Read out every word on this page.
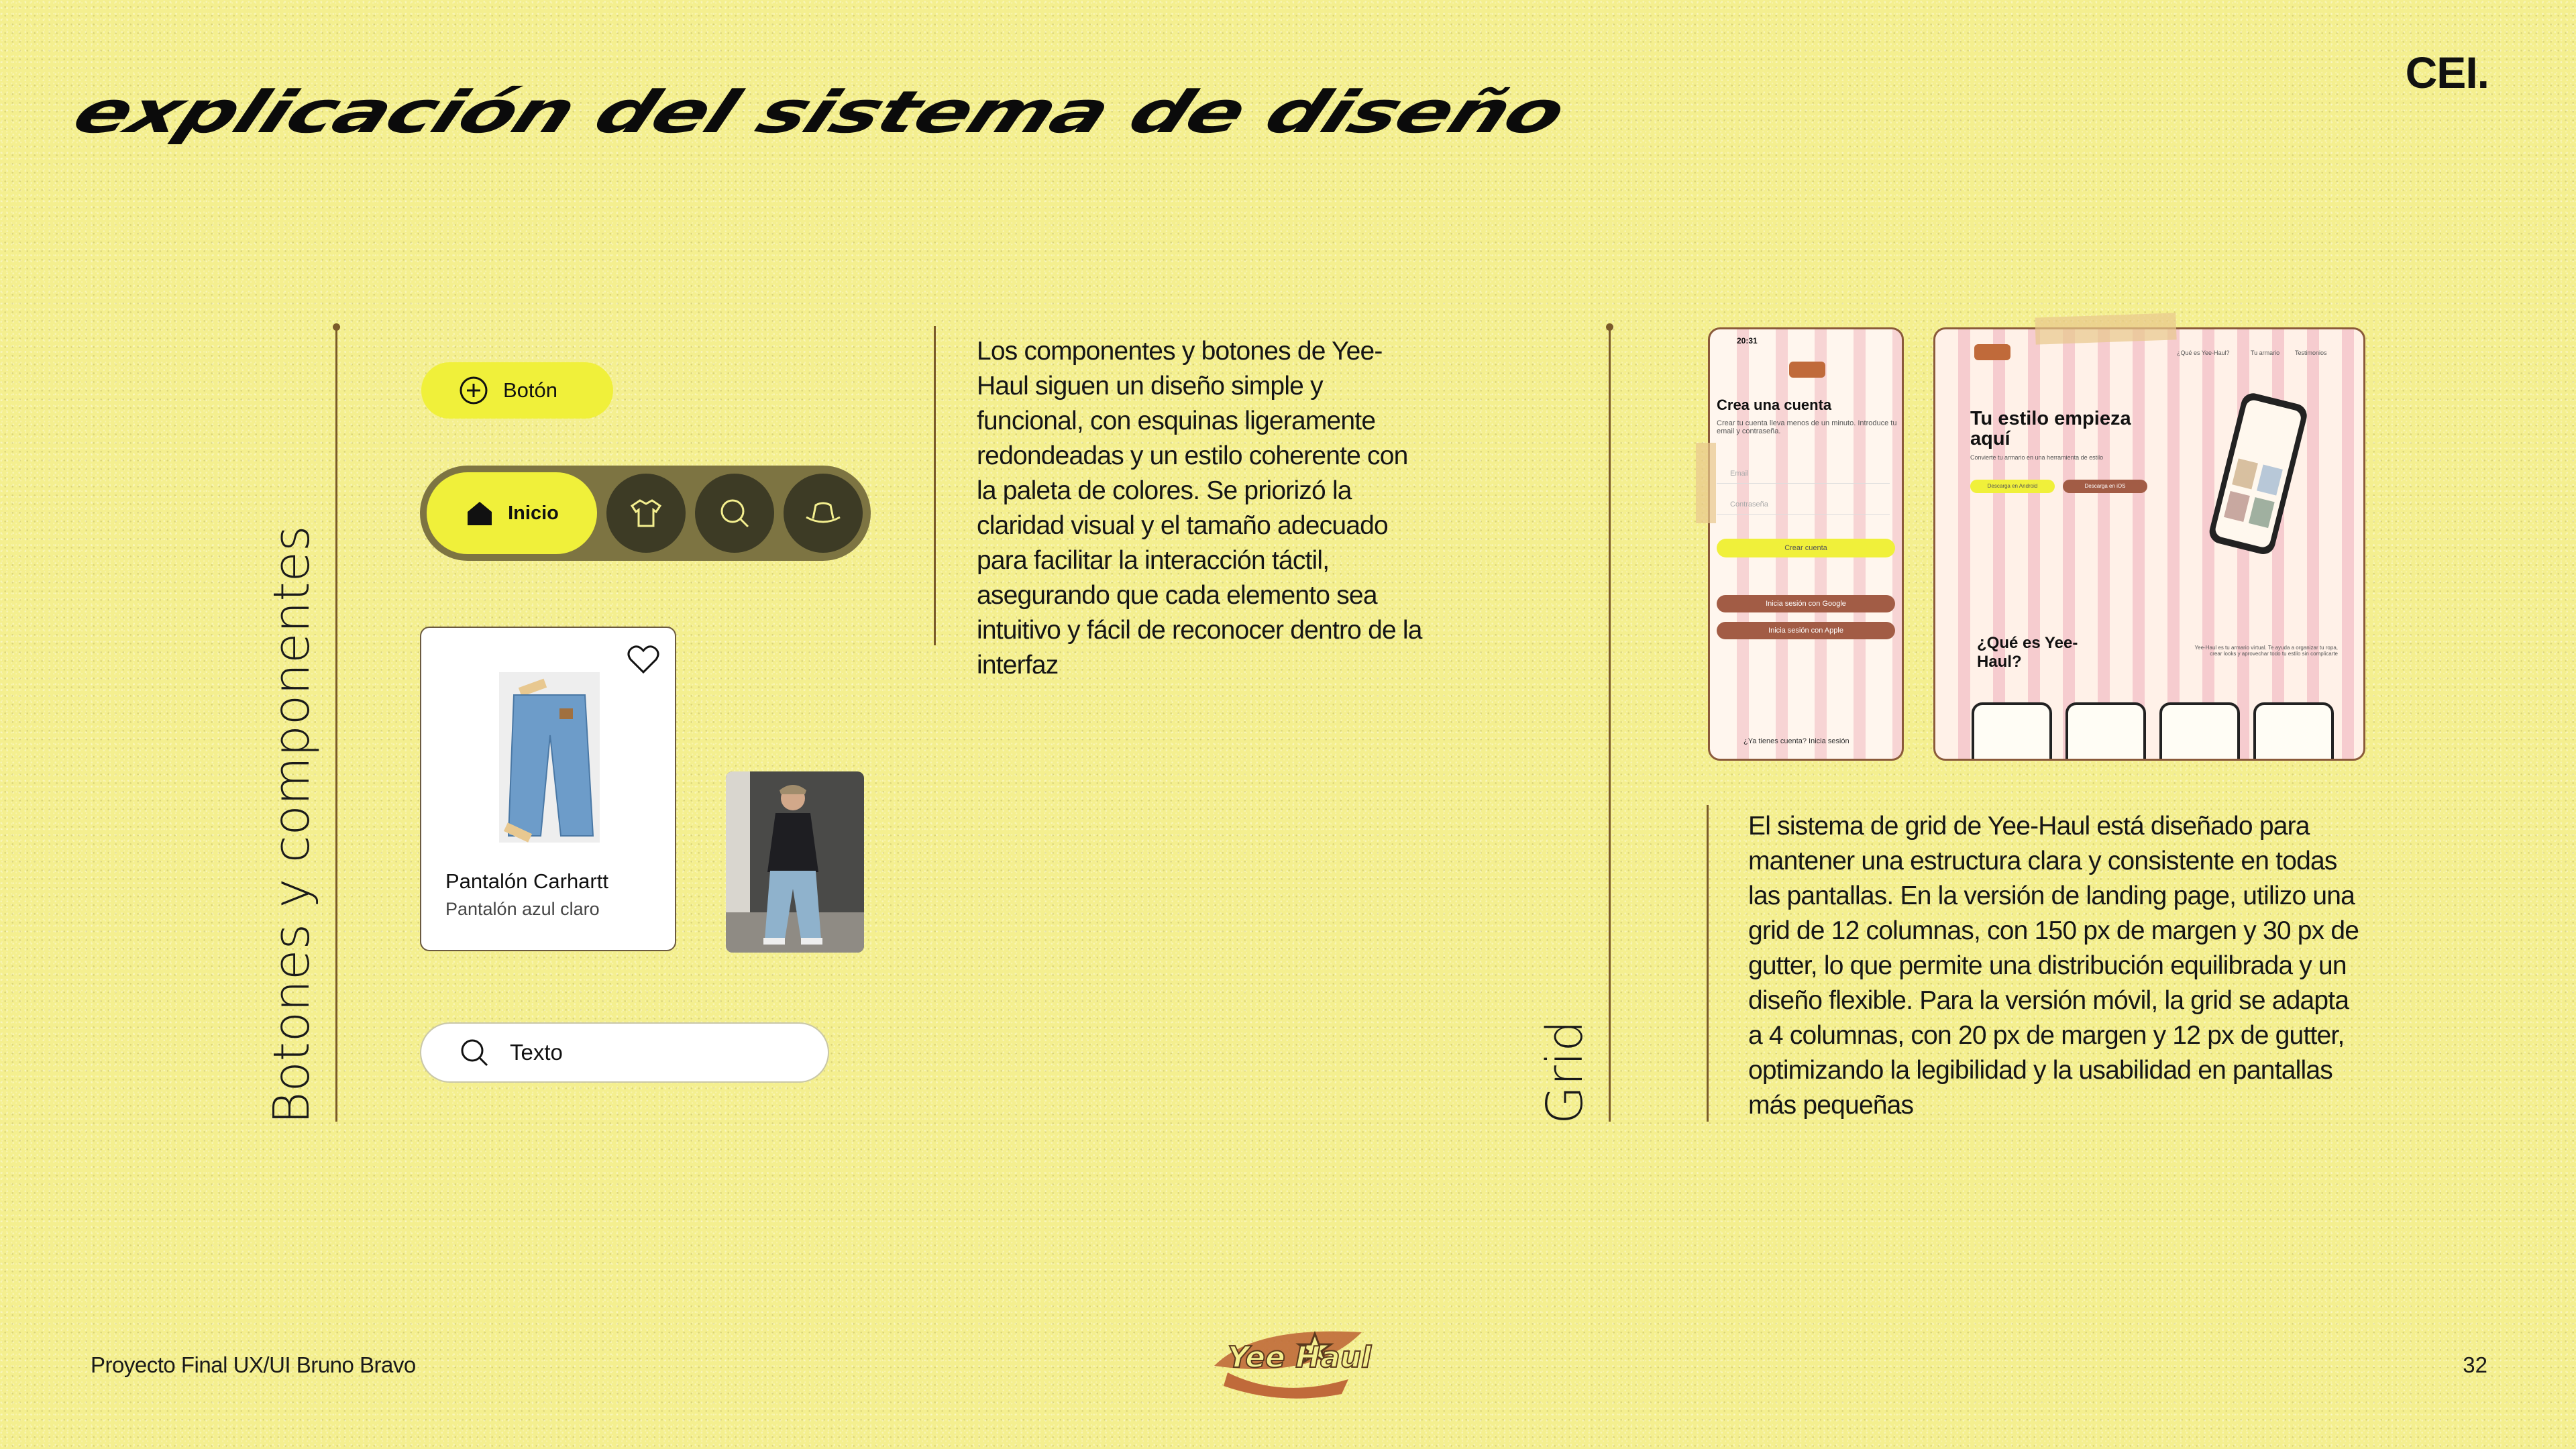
explicación del sistema de diseño
CEI.
Botones y componentes
Botón
Inicio
Pantalón Carhartt
Pantalón azul claro
Texto
Los componentes y botones de Yee-Haul siguen un diseño simple y funcional, con esquinas ligeramente redondeadas y un estilo coherente con la paleta de colores. Se priorizó la claridad visual y el tamaño adecuado para facilitar la interacción táctil, asegurando que cada elemento sea intuitivo y fácil de reconocer dentro de la interfaz
Grid
20:31
Crea una cuenta
Crear tu cuenta lleva menos de un minuto. Introduce tu email y contraseña.
Email
Contraseña
Crear cuenta
Inicia sesión con Google
Inicia sesión con Apple
¿Ya tienes cuenta? Inicia sesión
¿Qué es Yee-Haul?	Tu armario	Testimonios
Tu estilo empieza aquí
Convierte tu armario en una herramienta de estilo
Descarga en Android	Descarga en iOS
¿Qué es Yee-Haul?
Yee-Haul es tu armario virtual. Te ayuda a organizar tu ropa, crear looks y aprovechar todo tu estilo sin complicarte
El sistema de grid de Yee-Haul está diseñado para mantener una estructura clara y consistente en todas las pantallas. En la versión de landing page, utilizo una grid de 12 columnas, con 150 px de margen y 30 px de gutter, lo que permite una distribución equilibrada y un diseño flexible. Para la versión móvil, la grid se adapta a 4 columnas, con 20 px de margen y 12 px de gutter, optimizando la legibilidad y la usabilidad en pantallas más pequeñas
Proyecto Final UX/UI Bruno Bravo	Yee Haul	32
